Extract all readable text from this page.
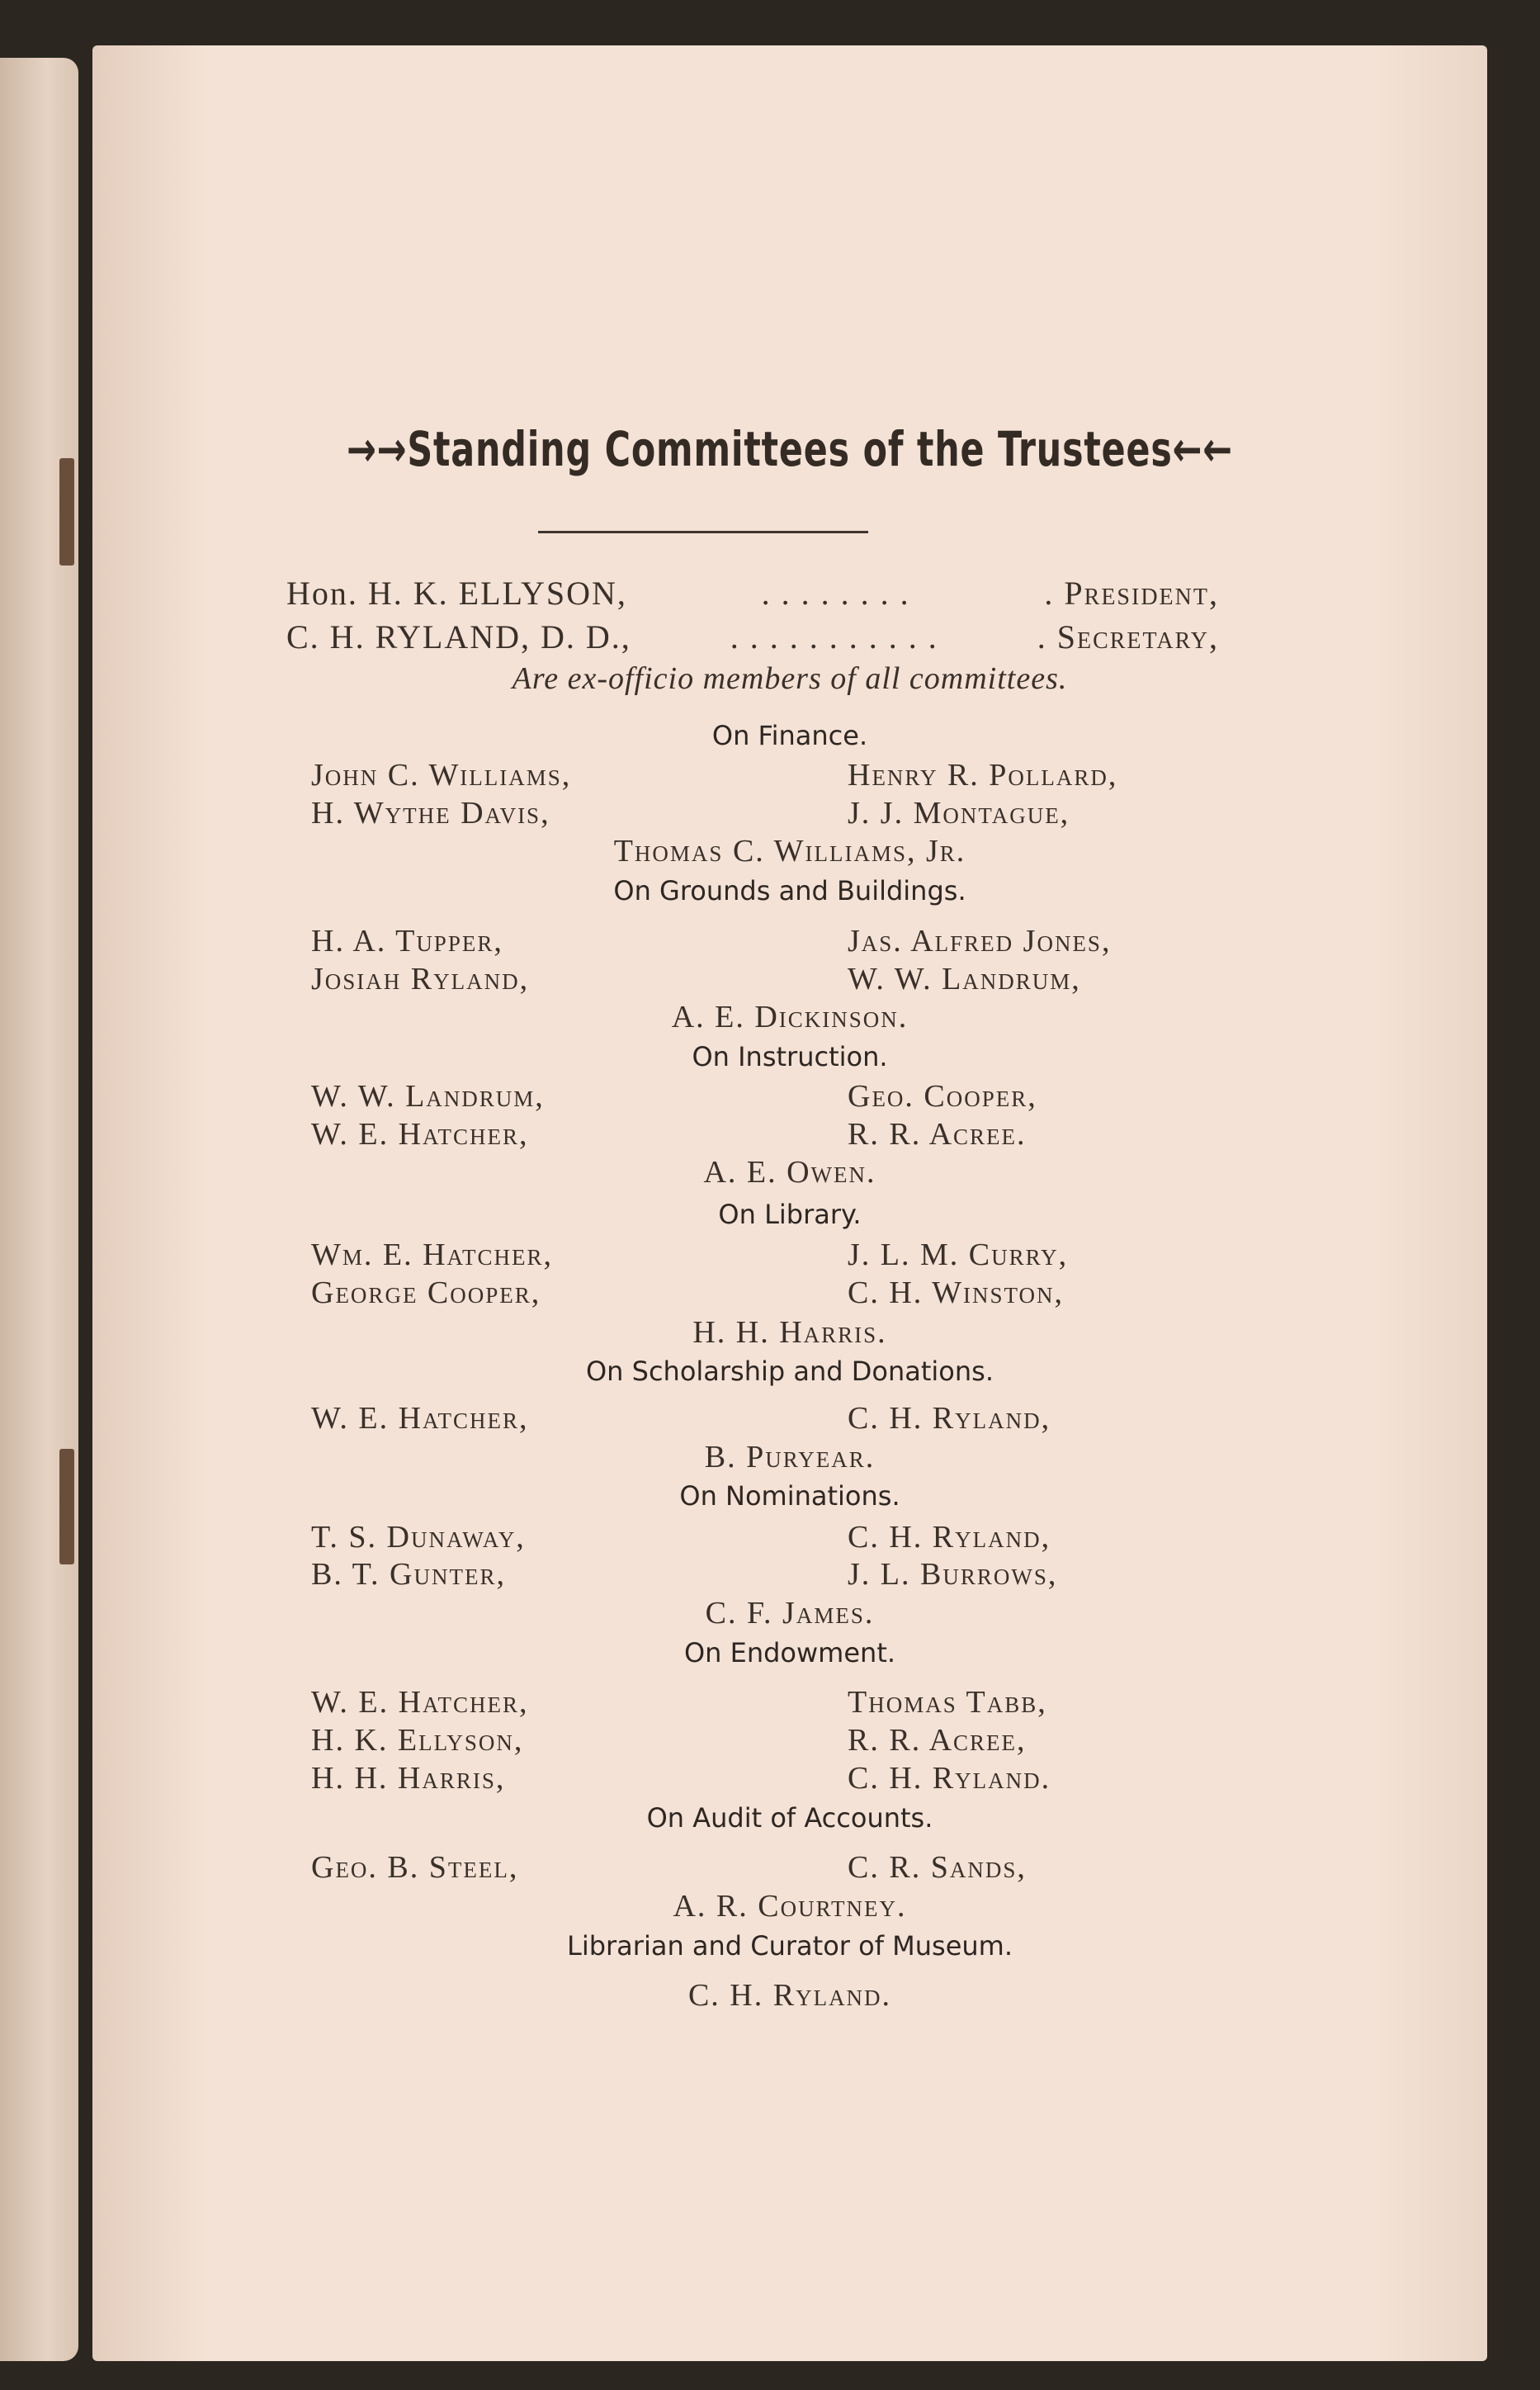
→→Standing Committees of the Trustees←←
Hon. H. K. ELLYSON,	. . . . . . . .	. President,
C. H. RYLAND, D. D.,	. . . . . . . . . . .	. Secretary,
Are ex-officio members of all committees.
On Finance.
John C. Williams,	Henry R. Pollard,
H. Wythe Davis,	J. J. Montague,
Thomas C. Williams, Jr.
On Grounds and Buildings.
H. A. Tupper,	Jas. Alfred Jones,
Josiah Ryland,	W. W. Landrum,
A. E. Dickinson.
On Instruction.
W. W. Landrum,	Geo. Cooper,
W. E. Hatcher,	R. R. Acree.
A. E. Owen.
On Library.
Wm. E. Hatcher,	J. L. M. Curry,
George Cooper,	C. H. Winston,
H. H. Harris.
On Scholarship and Donations.
W. E. Hatcher,	C. H. Ryland,
B. Puryear.
On Nominations.
T. S. Dunaway,	C. H. Ryland,
B. T. Gunter,	J. L. Burrows,
C. F. James.
On Endowment.
W. E. Hatcher,	Thomas Tabb,
H. K. Ellyson,	R. R. Acree,
H. H. Harris,	C. H. Ryland.
On Audit of Accounts.
Geo. B. Steel,	C. R. Sands,
A. R. Courtney.
Librarian and Curator of Museum.
C. H. Ryland.
